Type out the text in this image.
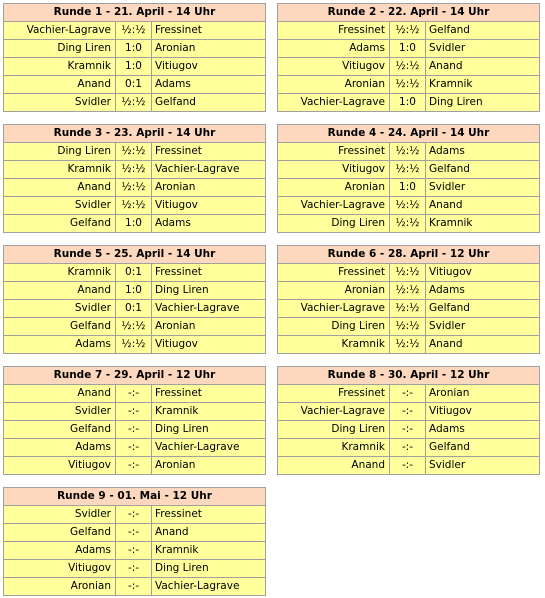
Runde 1 - 21. April - 14 Uhr
Vachier-Lagrave	½:½ Fressinet
Ding Liren	1:0	Aronian
Kramnik	1:0	Vitiugov
Anand	0:1	Adams
Svidler	½:½ Gelfand
Runde 2 - 22. April - 14 Uhr
Fressinet	½:½ Gelfand
Adams	1:0	Svidler
Vitiugov	½:½ Anand
Aronian	½:½ Kramnik
Vachier-Lagrave	1:0	Ding Liren
Runde 3 - 23. April - 14 Uhr
Ding Liren	½:½ Fressinet
Kramnik	½:½ Vachier-Lagrave
Anand	½:½ Aronian
Svidler	½:½ Vitiugov
Gelfand	1:0	Adams
Runde 4 - 24. April - 14 Uhr
Fressinet	½:½ Adams
Vitiugov	½:½ Gelfand
Aronian	1:0	Svidler
Vachier-Lagrave	½:½ Anand
Ding Liren	½:½ Kramnik
Runde 5 - 25. April - 14 Uhr
Kramnik	0:1	Fressinet
Anand	1:0	Ding Liren
Svidler	0:1	Vachier-Lagrave
Gelfand	½:½ Aronian
Adams	½:½ Vitiugov
Runde 6 - 28. April - 12 Uhr
Fressinet	½:½ Vitiugov
Aronian	½:½ Adams
Vachier-Lagrave	½:½ Gelfand
Ding Liren	½:½ Svidler
Kramnik	½:½ Anand
Runde 7 - 29. April - 12 Uhr
Anand	-:-	Fressinet
Svidler	-:-	Kramnik
Gelfand	-:-	Ding Liren
Adams	-:-	Vachier-Lagrave
Vitiugov	-:-	Aronian
Runde 8 - 30. April - 12 Uhr
Fressinet	-:-	Aronian
Vachier-Lagrave	-:-	Vitiugov
Ding Liren	-:-	Adams
Kramnik	-:-	Gelfand
Anand	-:-	Svidler
Runde 9 - 01. Mai - 12 Uhr
Svidler	-:-	Fressinet
Gelfand	-:-	Anand
Adams	-:-	Kramnik
Vitiugov	-:-	Ding Liren
Aronian	-:-	Vachier-Lagrave
